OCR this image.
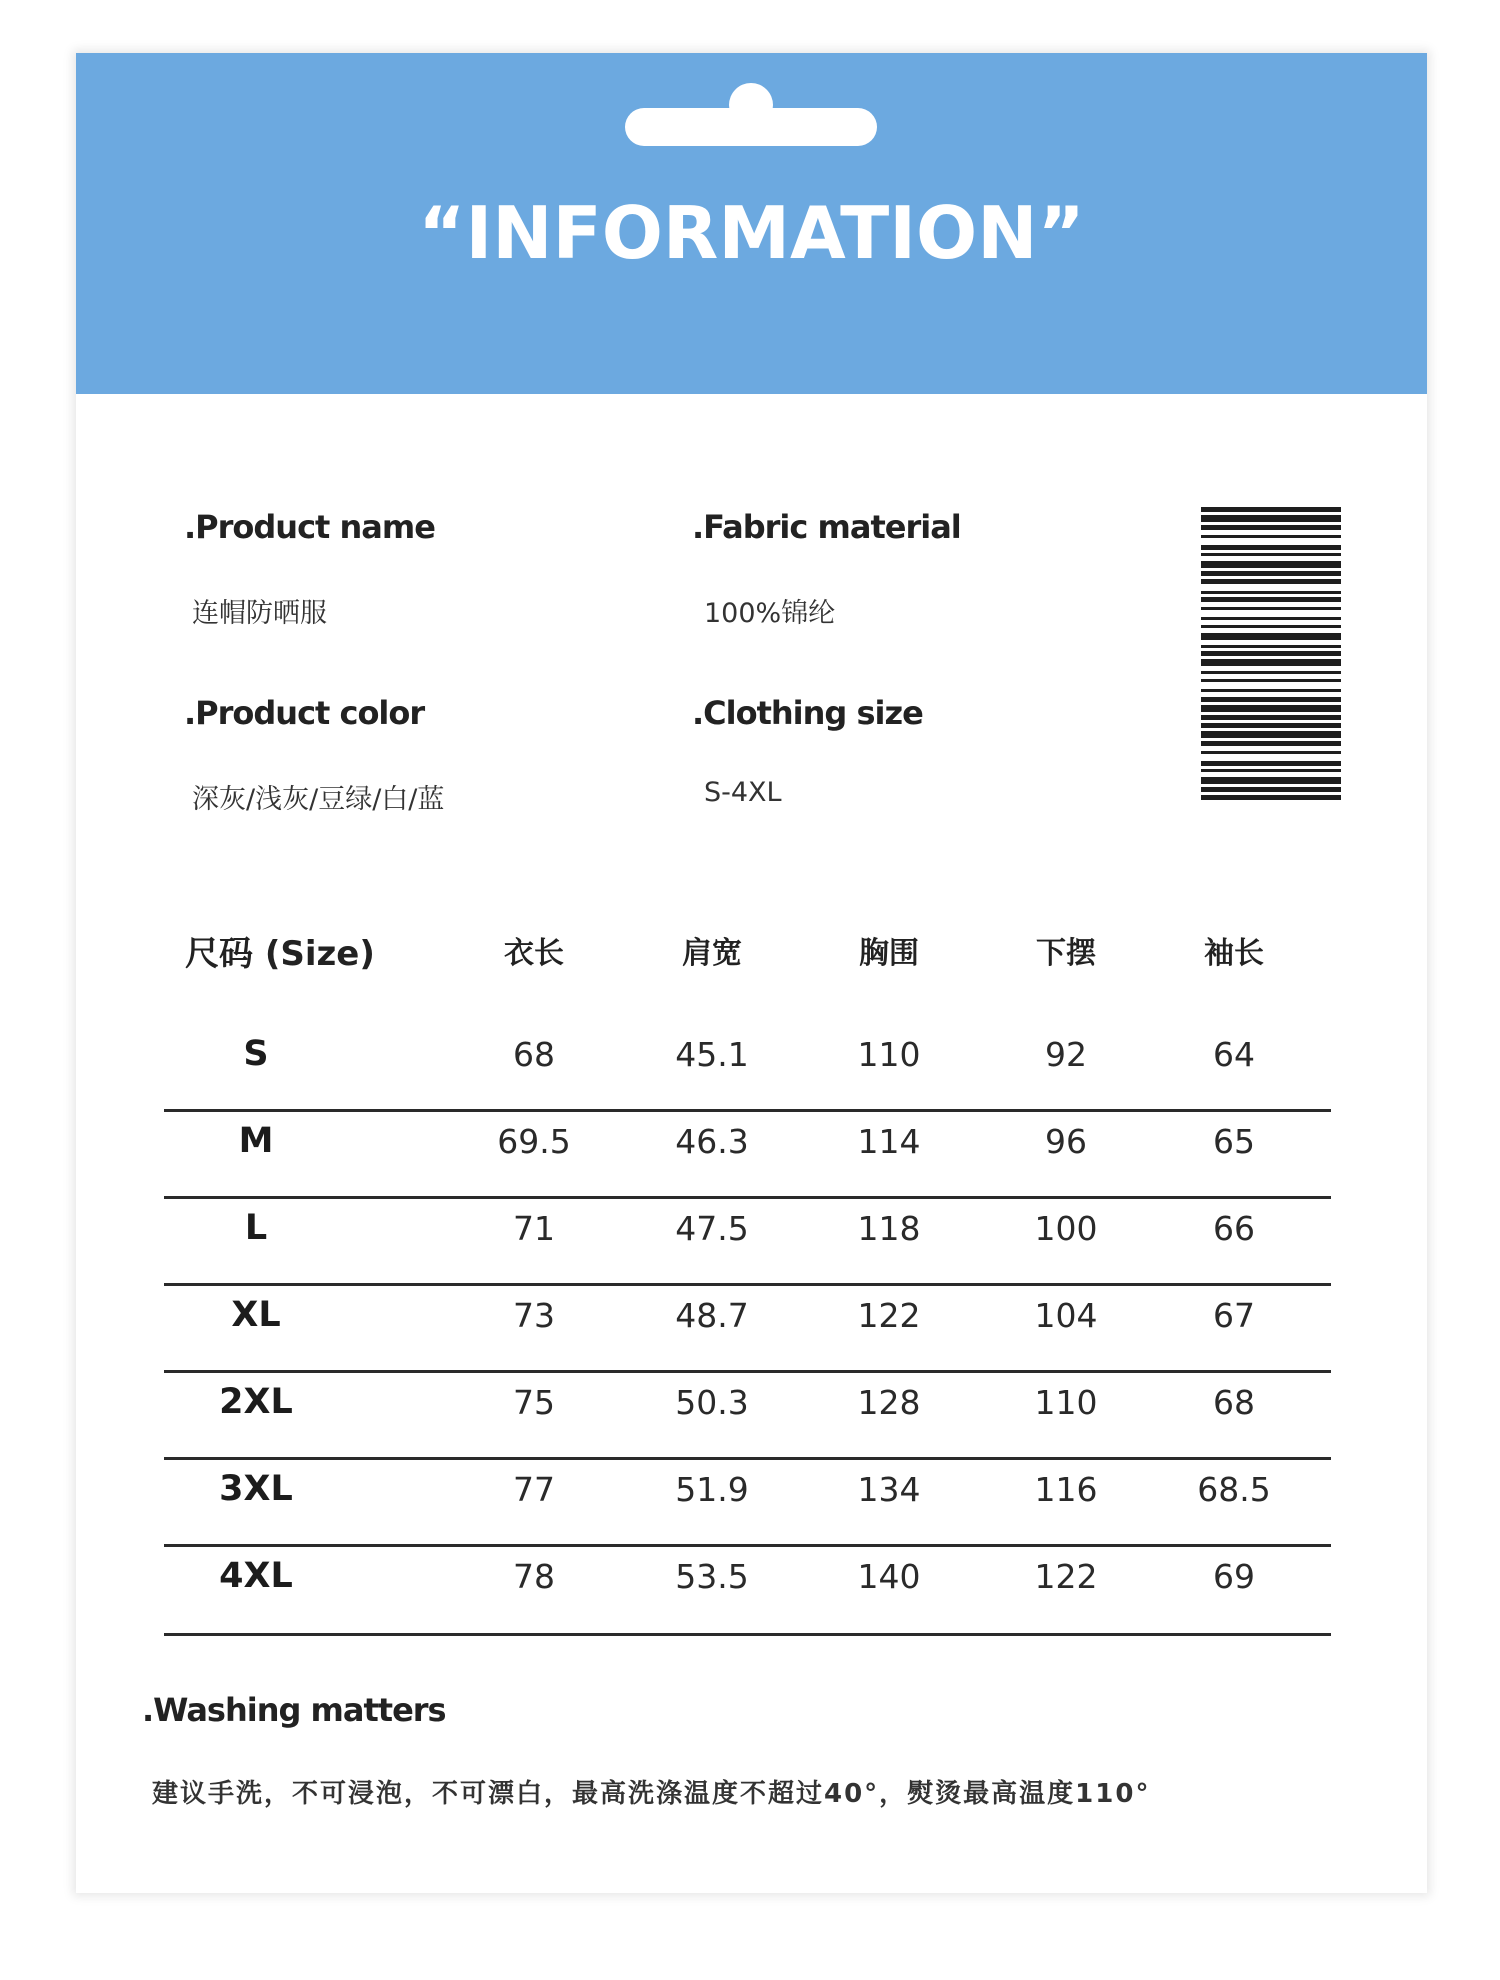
“INFORMATION”
.Product name
连帽防晒服
.Fabric material
100%锦纶
.Product color
深灰/浅灰/豆绿/白/蓝
.Clothing size
S-4XL
尺码 (Size)	衣长	肩宽	胸围	下摆	袖长
S	68	45.1	110	92	64
M	69.5	46.3	114	96	65
L	71	47.5	118	100	66
XL	73	48.7	122	104	67
2XL	75	50.3	128	110	68
3XL	77	51.9	134	116	68.5
4XL	78	53.5	140	122	69
.Washing matters
建议手洗，不可浸泡，不可漂白，最高洗涤温度不超过40°，熨烫最高温度110°
